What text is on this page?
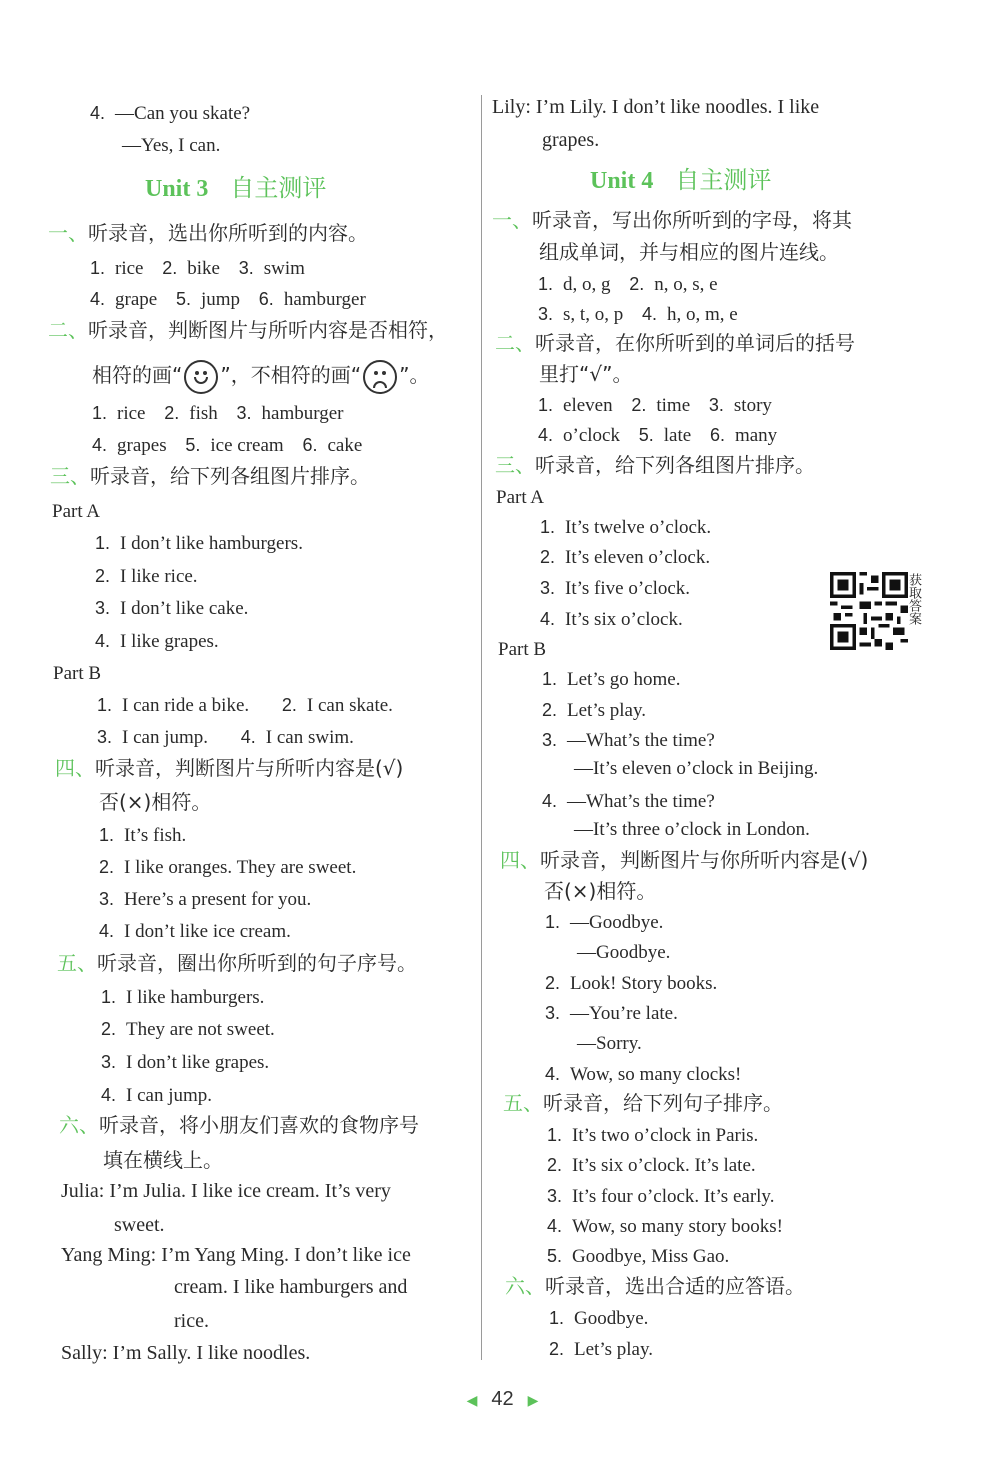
4. —Can you skate?
—Yes, I can.
Unit 3 自主测评
一、听录音，选出你所听到的内容。
1. rice 2. bike 3. swim
4. grape 5. jump 6. hamburger
二、听录音，判断图片与所听内容是否相符，
相符的画“ ”，不相符的画“ ”。
1. rice 2. fish 3. hamburger
4. grapes 5. ice cream 6. cake
三、听录音，给下列各组图片排序。
Part A
1. I don’t like hamburgers.
2. I like rice.
3. I don’t like cake.
4. I like grapes.
Part B
1. I can ride a bike. 2. I can skate.
3. I can jump. 4. I can swim.
四、听录音，判断图片与所听内容是(√)
否(×)相符。
1. It’s fish.
2. I like oranges. They are sweet.
3. Here’s a present for you.
4. I don’t like ice cream.
五、听录音，圈出你所听到的句子序号。
1. I like hamburgers.
2. They are not sweet.
3. I don’t like grapes.
4. I can jump.
六、听录音，将小朋友们喜欢的食物序号
填在横线上。
Julia: I’m Julia. I like ice cream. It’s very
sweet.
Yang Ming: I’m Yang Ming. I don’t like ice
cream. I like hamburgers and
rice.
Sally: I’m Sally. I like noodles.
Lily: I’m Lily. I don’t like noodles. I like
grapes.
Unit 4 自主测评
一、听录音，写出你所听到的字母，将其
组成单词，并与相应的图片连线。
1. d, o, g 2. n, o, s, e
3. s, t, o, p 4. h, o, m, e
二、听录音，在你所听到的单词后的括号
里打“√”。
1. eleven 2. time 3. story
4. o’clock 5. late 6. many
三、听录音，给下列各组图片排序。
Part A
1. It’s twelve o’clock.
2. It’s eleven o’clock.
3. It’s five o’clock.
4. It’s six o’clock.
Part B
1. Let’s go home.
2. Let’s play.
3. —What’s the time?
—It’s eleven o’clock in Beijing.
4. —What’s the time?
—It’s three o’clock in London.
四、听录音，判断图片与你所听内容是(√)
否(×)相符。
1. —Goodbye.
—Goodbye.
2. Look! Story books.
3. —You’re late.
—Sorry.
4. Wow, so many clocks!
五、听录音，给下列句子排序。
1. It’s two o’clock in Paris.
2. It’s six o’clock. It’s late.
3. It’s four o’clock. It’s early.
4. Wow, so many story books!
5. Goodbye, Miss Gao.
六、听录音，选出合适的应答语。
1. Goodbye.
2. Let’s play.
获取答案
◀ 42 ▶
